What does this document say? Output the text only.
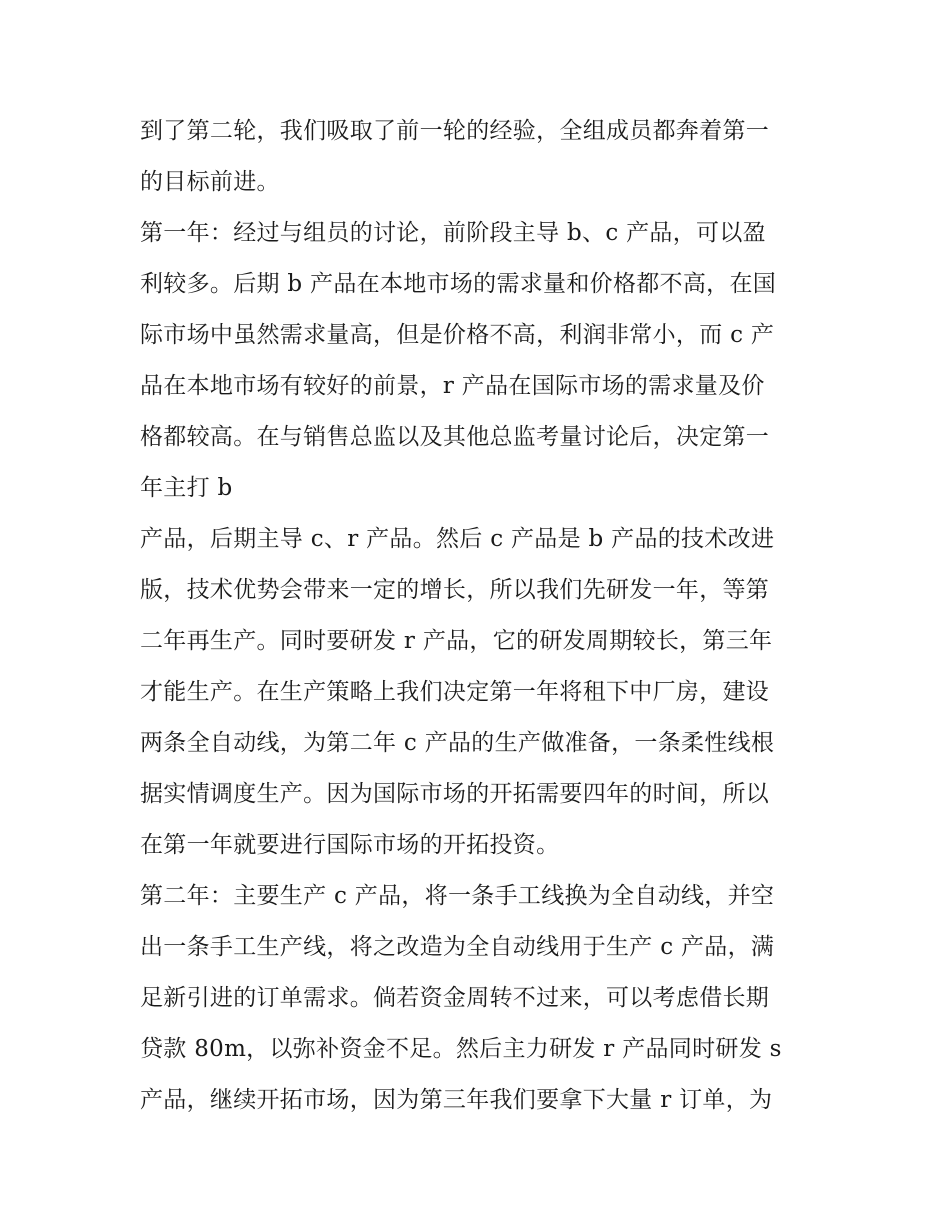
到了第二轮，我们吸取了前一轮的经验，全组成员都奔着第一
的目标前进。
第一年：经过与组员的讨论，前阶段主导 b、c 产品，可以盈
利较多。后期 b 产品在本地市场的需求量和价格都不高，在国
际市场中虽然需求量高，但是价格不高，利润非常小，而 c 产
品在本地市场有较好的前景，r 产品在国际市场的需求量及价
格都较高。在与销售总监以及其他总监考量讨论后，决定第一
年主打 b
产品，后期主导 c、r 产品。然后 c 产品是 b 产品的技术改进
版，技术优势会带来一定的增长，所以我们先研发一年，等第
二年再生产。同时要研发 r 产品，它的研发周期较长，第三年
才能生产。在生产策略上我们决定第一年将租下中厂房，建设
两条全自动线，为第二年 c 产品的生产做准备，一条柔性线根
据实情调度生产。因为国际市场的开拓需要四年的时间，所以
在第一年就要进行国际市场的开拓投资。
第二年：主要生产 c 产品，将一条手工线换为全自动线，并空
出一条手工生产线，将之改造为全自动线用于生产 c 产品，满
足新引进的订单需求。倘若资金周转不过来，可以考虑借长期
贷款 80m，以弥补资金不足。然后主力研发 r 产品同时研发 s
产品，继续开拓市场，因为第三年我们要拿下大量 r 订单，为
